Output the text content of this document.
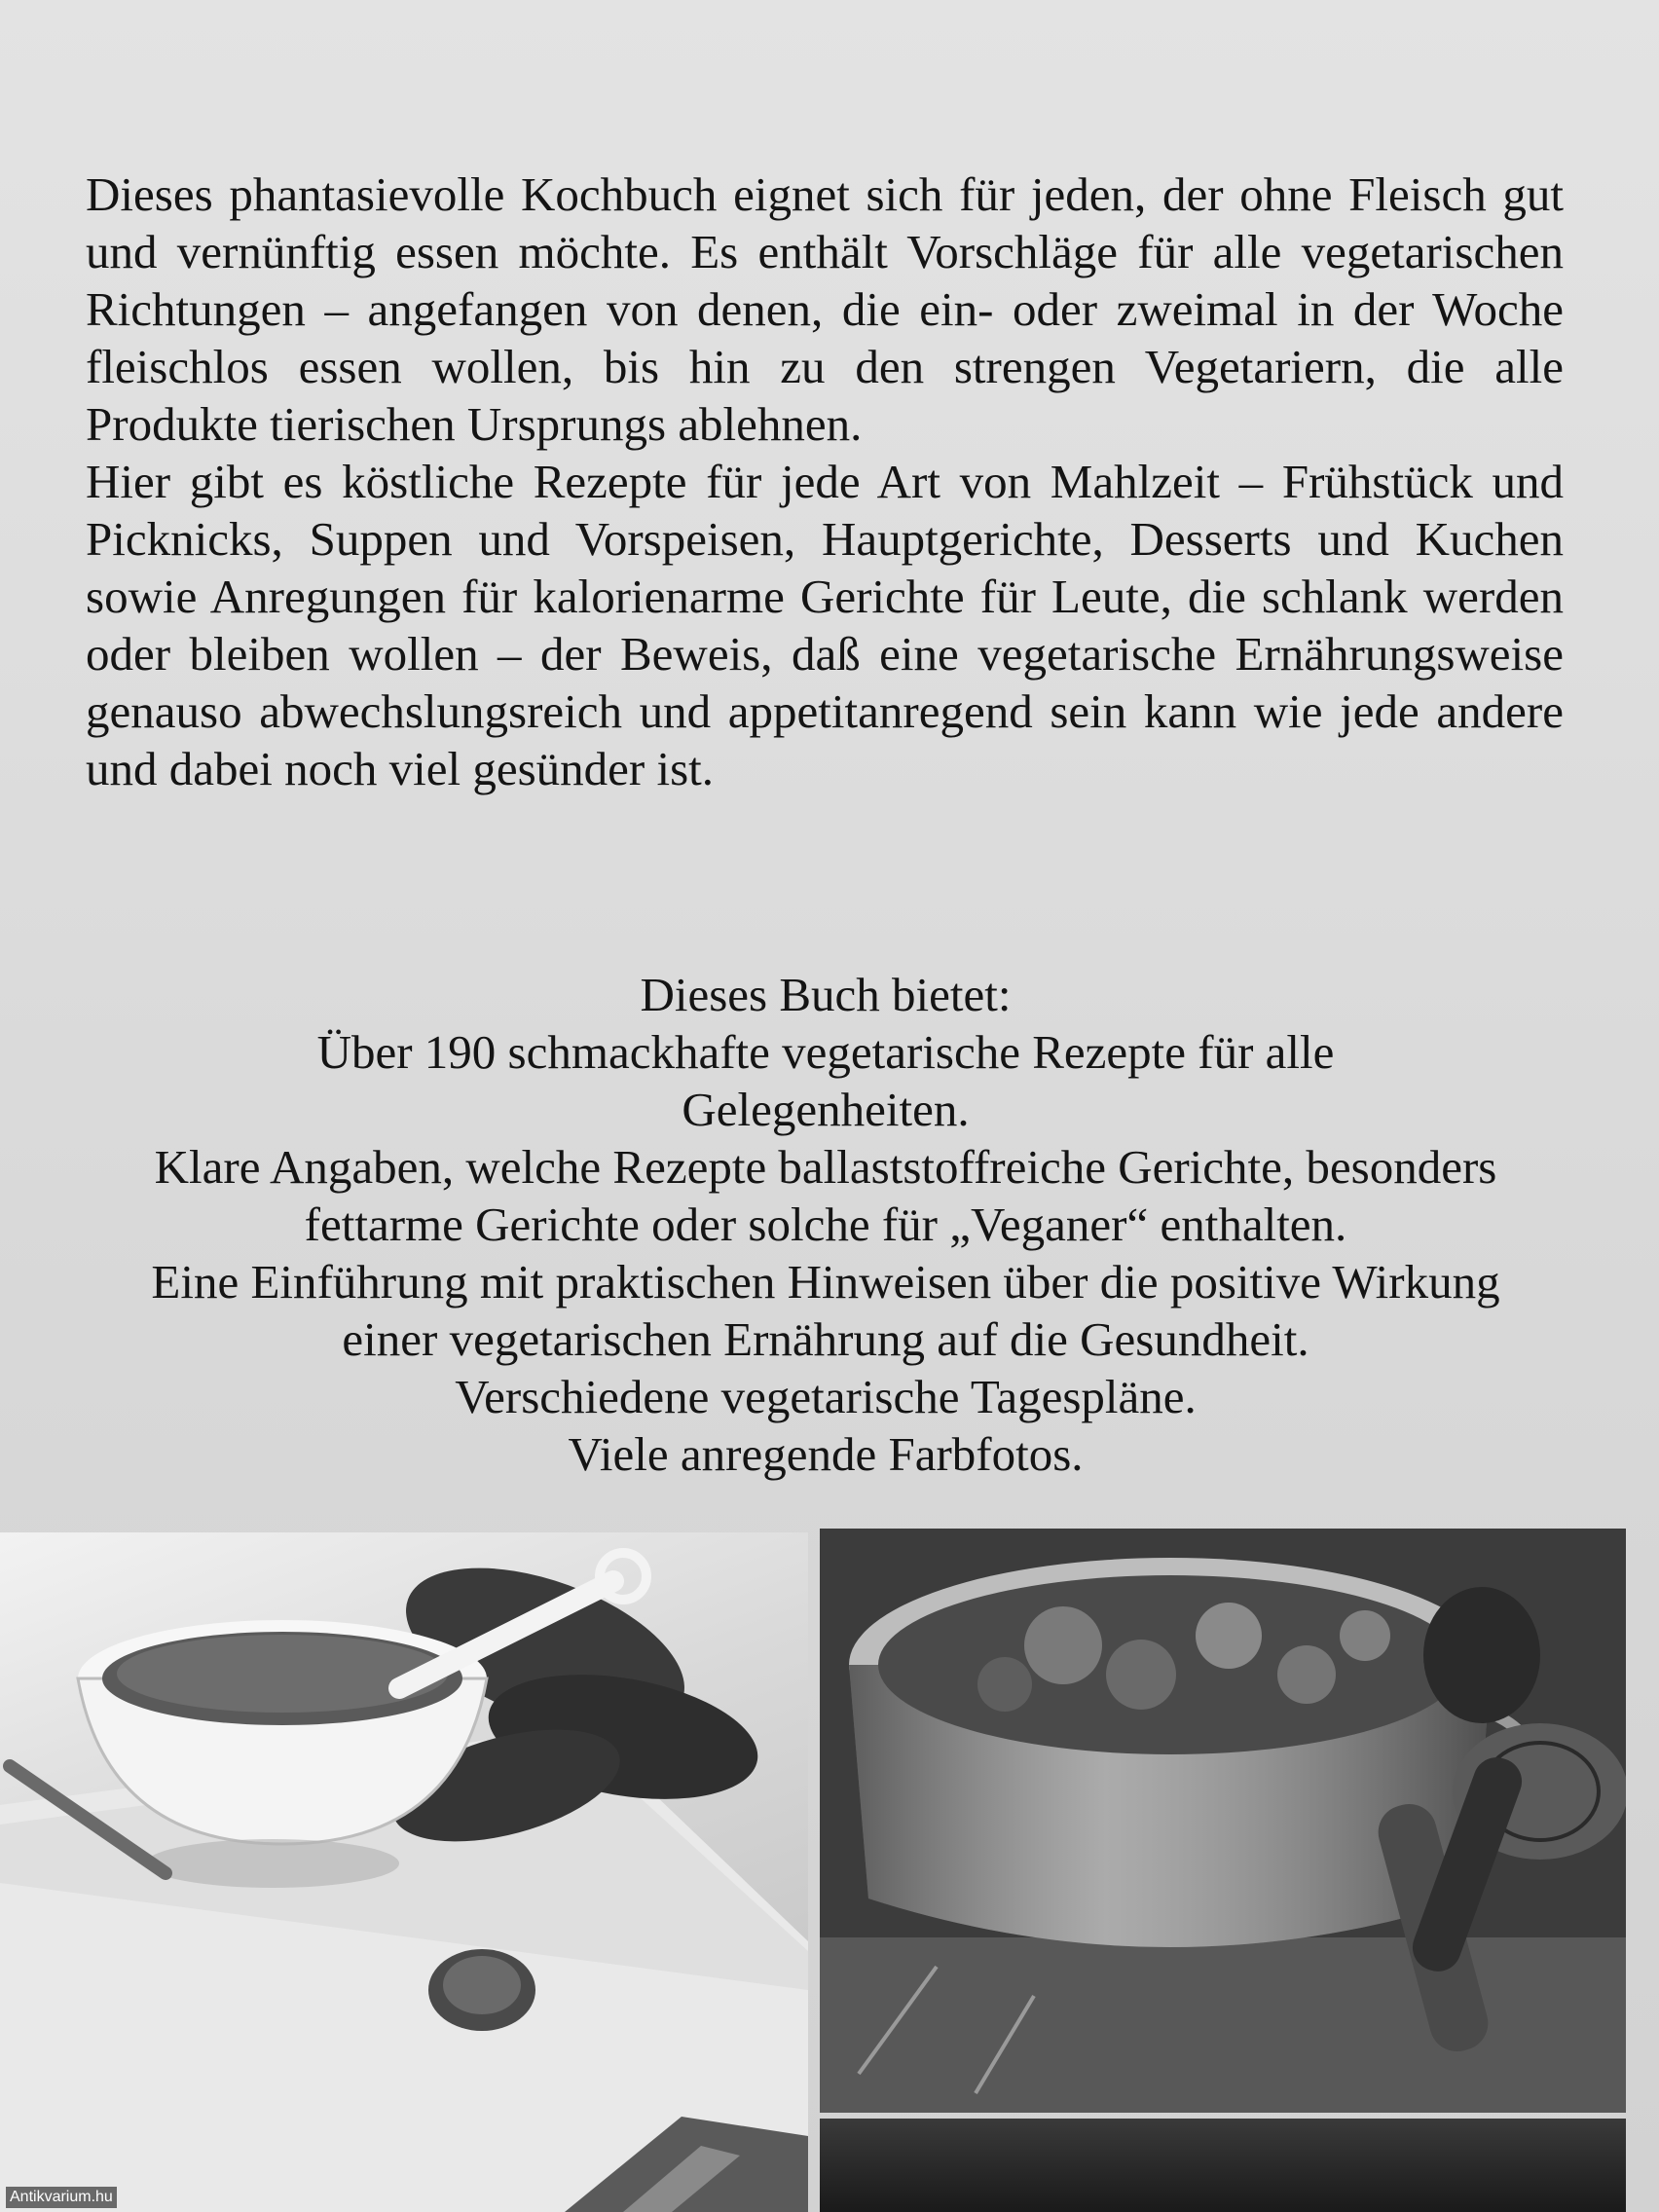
Dieses phantasievolle Kochbuch eignet sich für jeden, der ohne Fleisch gut und vernünftig essen möchte. Es enthält Vorschläge für alle vegetarischen Richtungen – angefangen von denen, die ein- oder zweimal in der Woche fleischlos essen wollen, bis hin zu den strengen Vegetariern, die alle Produkte tierischen Ursprungs ablehnen.

Hier gibt es köstliche Rezepte für jede Art von Mahlzeit – Frühstück und Picknicks, Suppen und Vorspeisen, Hauptgerichte, Desserts und Kuchen sowie Anregungen für kalorienarme Gerichte für Leute, die schlank werden oder bleiben wollen – der Beweis, daß eine vegetarische Ernährungsweise genauso abwechslungsreich und appetitanregend sein kann wie jede andere und dabei noch viel gesünder ist.

Dieses Buch bietet:
Über 190 schmackhafte vegetarische Rezepte für alle Gelegenheiten.
Klare Angaben, welche Rezepte ballaststoffreiche Gerichte, besonders fettarme Gerichte oder solche für „Veganer“ enthalten.
Eine Einführung mit praktischen Hinweisen über die positive Wirkung einer vegetarischen Ernährung auf die Gesundheit.
Verschiedene vegetarische Tagespläne.
Viele anregende Farbfotos.
Antikvarium.hu
